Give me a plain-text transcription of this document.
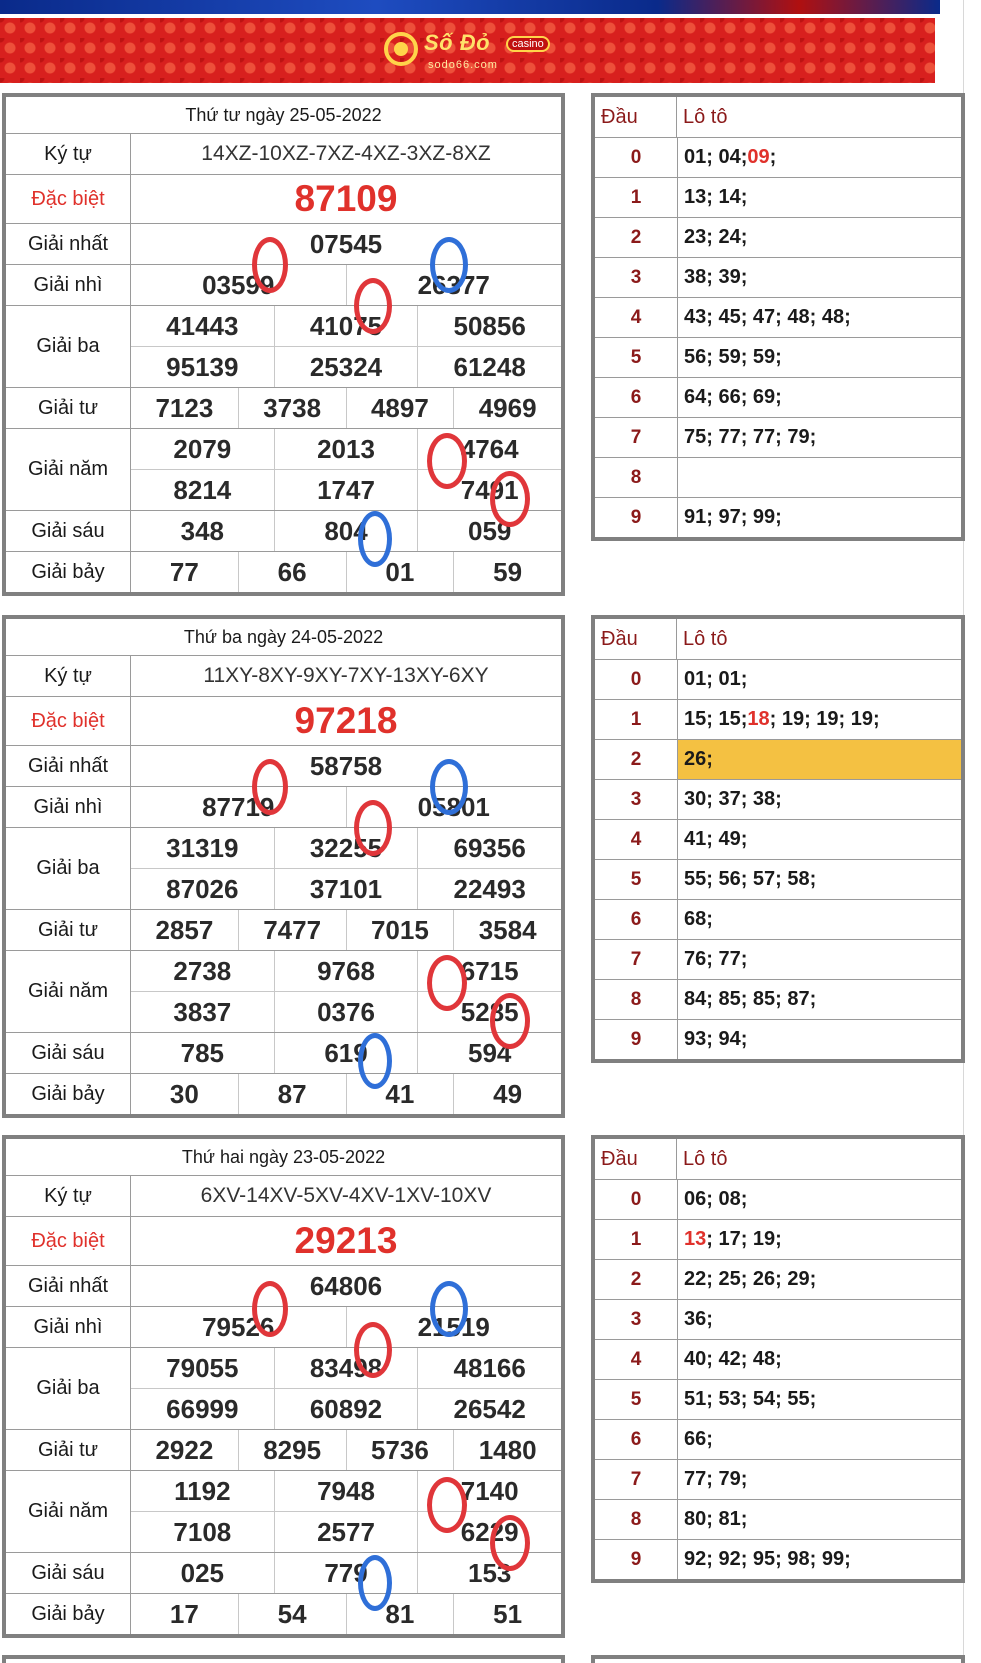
Số Đỏ	casino
sodo66.com
Thứ tư ngày 25-05-2022
Ký tự	14XZ-10XZ-7XZ-4XZ-3XZ-8XZ
Đặc biệt	87109
Giải nhất	07545
Giải nhì	03599	26377
Giải ba
41443	41075	50856
95139	25324	61248
Giải tư	7123	3738	4897	4969
Giải năm
2079	2013	4764
8214	1747	7491
Giải sáu	348	804	059
Giải bảy	77	66	01	59
Đầu	Lô tô
0	01; 04; 09 ;
1	13; 14;
2	23; 24;
3	38; 39;
4	43; 45; 47; 48; 48;
5	56; 59; 59;
6	64; 66; 69;
7	75; 77; 77; 79;
8
9	91; 97; 99;
Thứ ba ngày 24-05-2022
Ký tự	11XY-8XY-9XY-7XY-13XY-6XY
Đặc biệt	97218
Giải nhất	58758
Giải nhì	87719	05801
Giải ba
31319	32255	69356
87026	37101	22493
Giải tư	2857	7477	7015	3584
Giải năm
2738	9768	6715
3837	0376	5285
Giải sáu	785	619	594
Giải bảy	30	87	41	49
Đầu	Lô tô
0	01; 01;
1	15; 15; 18 ; 19; 19; 19;
2	26;
3	30; 37; 38;
4	41; 49;
5	55; 56; 57; 58;
6	68;
7	76; 77;
8	84; 85; 85; 87;
9	93; 94;
Thứ hai ngày 23-05-2022
Ký tự	6XV-14XV-5XV-4XV-1XV-10XV
Đặc biệt	29213
Giải nhất	64806
Giải nhì	79526	21519
Giải ba
79055	83498	48166
66999	60892	26542
Giải tư	2922	8295	5736	1480
Giải năm
1192	7948	7140
7108	2577	6229
Giải sáu	025	779	153
Giải bảy	17	54	81	51
Đầu	Lô tô
0	06; 08;
1	13 ; 17; 19;
2	22; 25; 26; 29;
3	36;
4	40; 42; 48;
5	51; 53; 54; 55;
6	66;
7	77; 79;
8	80; 81;
9	92; 92; 95; 98; 99;
